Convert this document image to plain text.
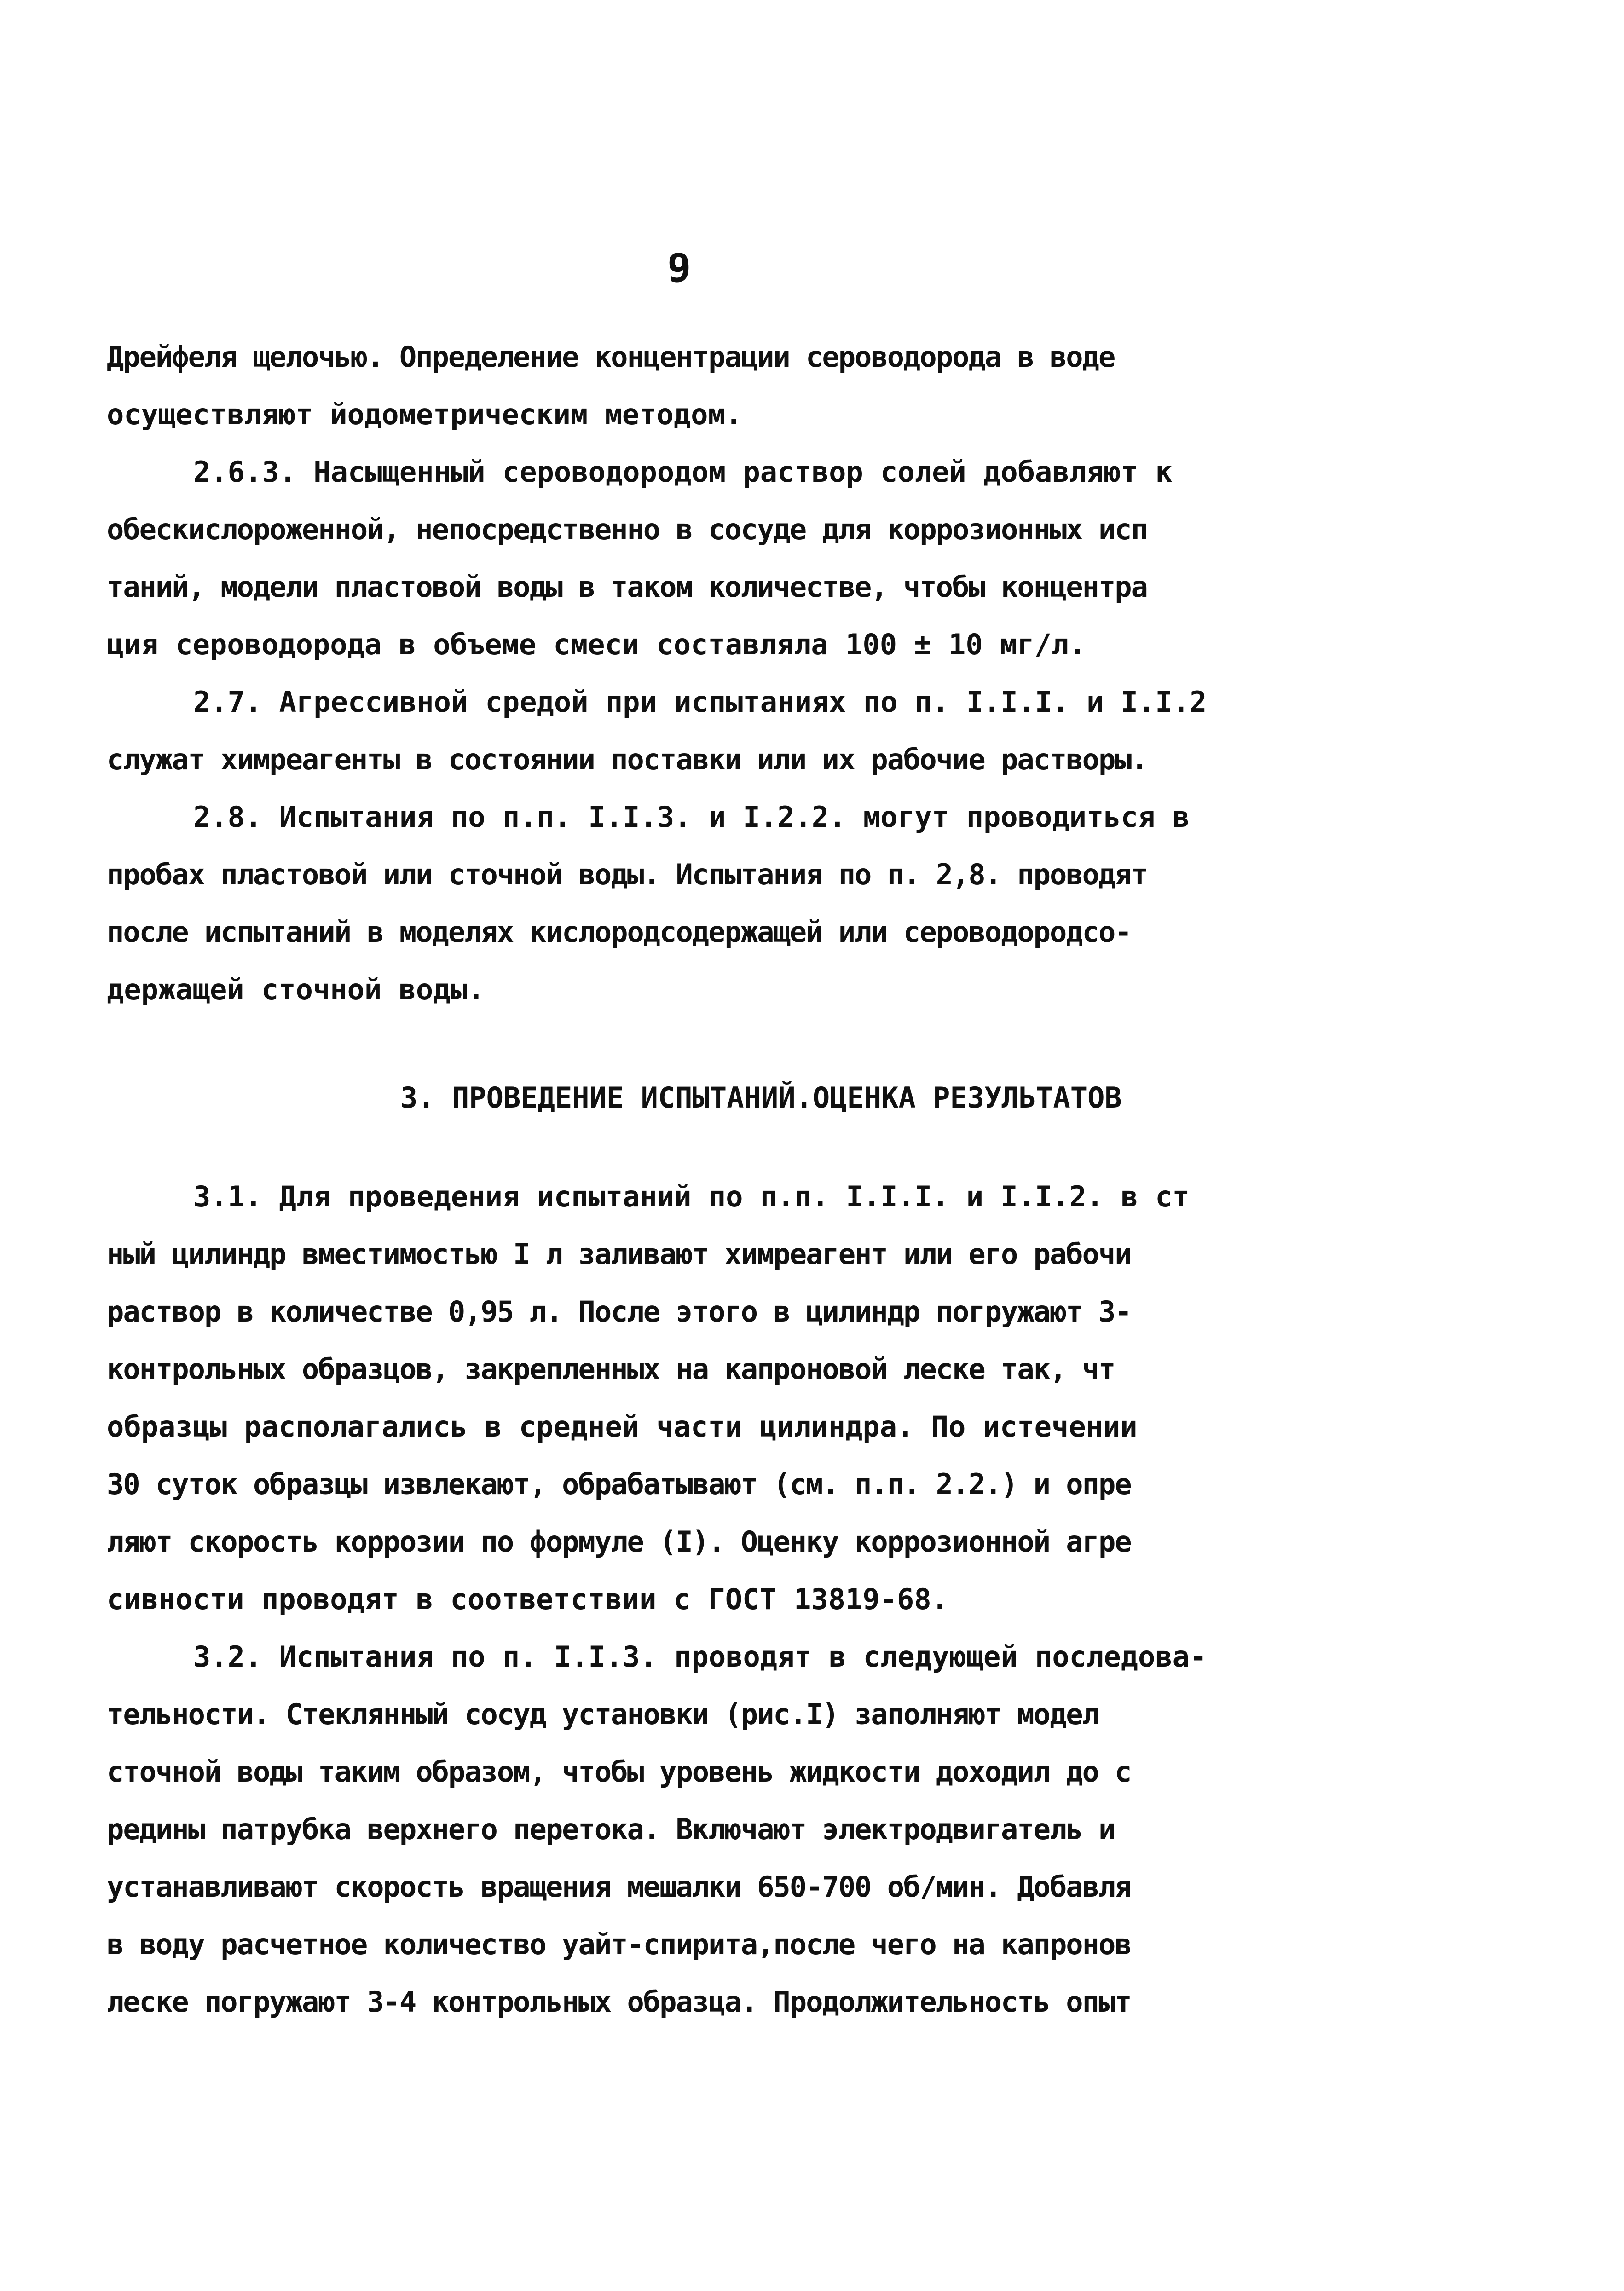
9
Дрейфеля щелочью. Определение концентрации сероводорода в воде
осуществляют йодометрическим методом.
2.6.3. Насыщенный сероводородом раствор солей добавляют к
обескислороженной, непосредственно в сосуде для коррозионных исп
таний, модели пластовой воды в таком количестве, чтобы концентра
ция сероводорода в объеме смеси составляла 100 ± 10 мг/л.
2.7. Агрессивной средой при испытаниях по п. I.I.I. и I.I.2
служат химреагенты в состоянии поставки или их рабочие растворы.
2.8. Испытания по п.п. I.I.3. и I.2.2. могут проводиться в
пробах пластовой или сточной воды. Испытания по п. 2,8. проводят
после испытаний в моделях кислородсодержащей или сероводородсо-
держащей сточной воды.
3. ПРОВЕДЕНИЕ ИСПЫТАНИЙ.ОЦЕНКА РЕЗУЛЬТАТОВ
3.1. Для проведения испытаний по п.п. I.I.I. и I.I.2. в ст
ный цилиндр вместимостью I л заливают химреагент или его рабочи
раствор в количестве 0,95 л. После этого в цилиндр погружают 3-
контрольных образцов, закрепленных на капроновой леске так, чт
образцы располагались в средней части цилиндра. По истечении
30 суток образцы извлекают, обрабатывают (см. п.п. 2.2.) и опре
ляют скорость коррозии по формуле (I). Оценку коррозионной агре
сивности проводят в соответствии с ГОСТ 13819-68.
3.2. Испытания по п. I.I.3. проводят в следующей последова-
тельности. Стеклянный сосуд установки (рис.I) заполняют модел
сточной воды таким образом, чтобы уровень жидкости доходил до с
редины патрубка верхнего перетока. Включают электродвигатель и
устанавливают скорость вращения мешалки 650-700 об/мин. Добавля
в воду расчетное количество уайт-спирита,после чего на капронов
леске погружают 3-4 контрольных образца. Продолжительность опыт
